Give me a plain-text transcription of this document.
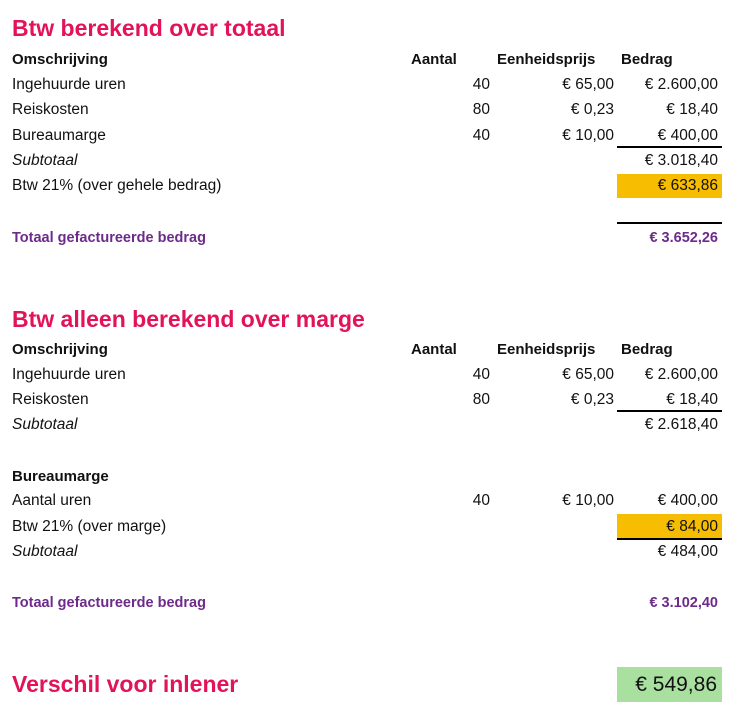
Btw berekend over totaal
Omschrijving	Aantal	Eenheidsprijs Bedrag
Ingehuurde uren	40	€ 65,00 € 2.600,00
Reiskosten	80	€ 0,23	€ 18,40
Bureaumarge	40	€ 10,00	€ 400,00
Subtotaal	€ 3.018,40
Btw 21% (over gehele bedrag)	€ 633,86
Totaal gefactureerde bedrag	€ 3.652,26
Btw alleen berekend over marge
Omschrijving	Aantal	Eenheidsprijs Bedrag
Ingehuurde uren	40	€ 65,00 € 2.600,00
Reiskosten	80	€ 0,23	€ 18,40
Subtotaal	€ 2.618,40
Bureaumarge
Aantal uren	40	€ 10,00	€ 400,00
Btw 21% (over marge)	€ 84,00
Subtotaal	€ 484,00
Totaal gefactureerde bedrag	€ 3.102,40
Verschil voor inlener	€ 549,86
